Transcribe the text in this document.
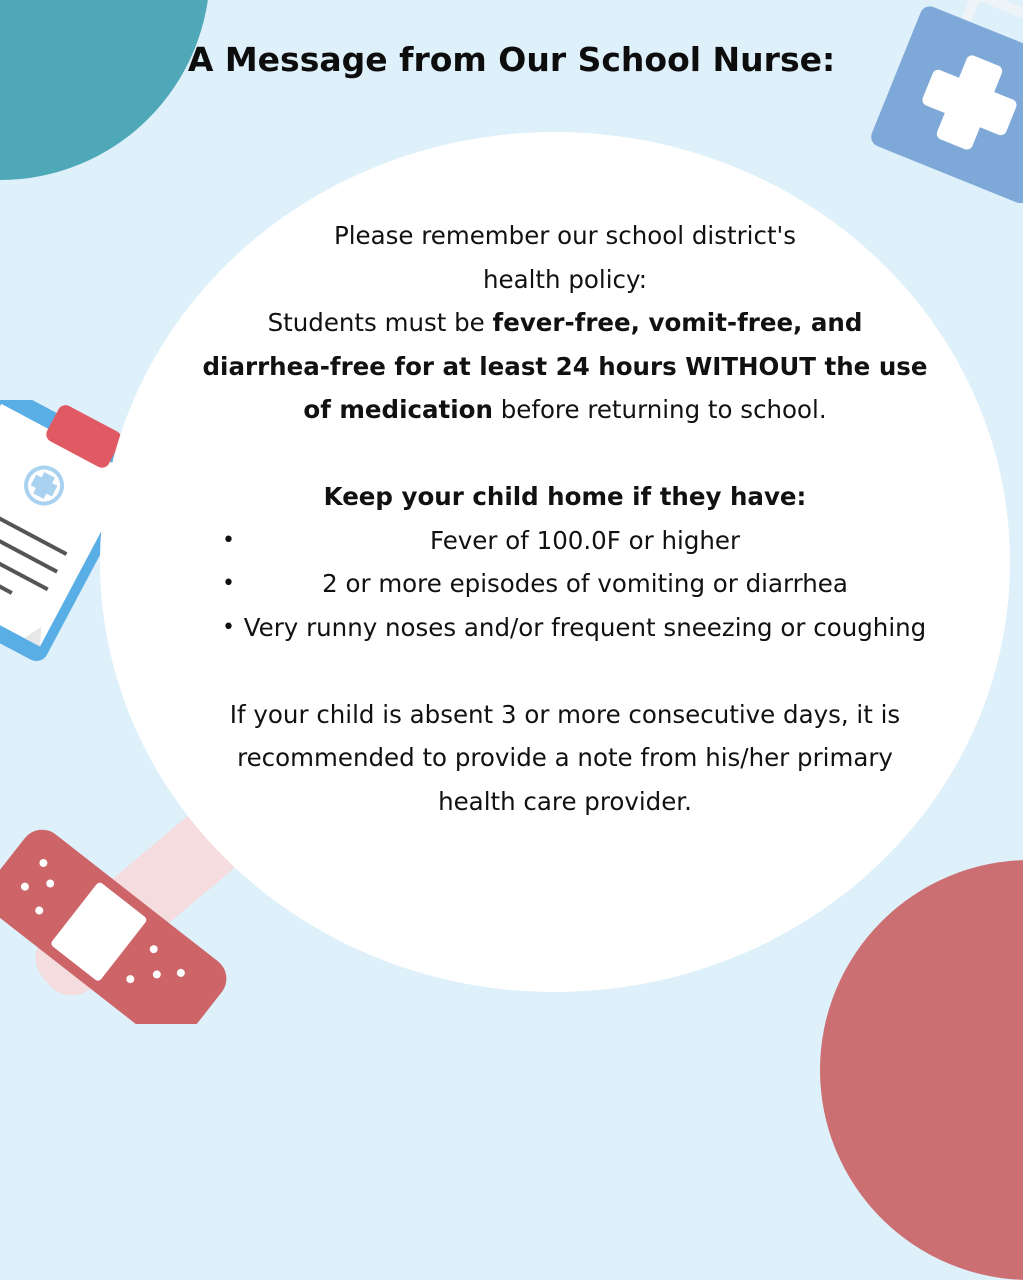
A Message from Our School Nurse:

Please remember our school district's
health policy:

Students must be fever-free, vomit-free, and diarrhea-free for at least 24 hours WITHOUT the use of medication before returning to school.

Keep your child home if they have:

•	Fever of 100.0F or higher
•	2 or more episodes of vomiting or diarrhea
• Very runny noses and/or frequent sneezing or coughing

If your child is absent 3 or more consecutive days, it is recommended to provide a note from his/her primary health care provider.
